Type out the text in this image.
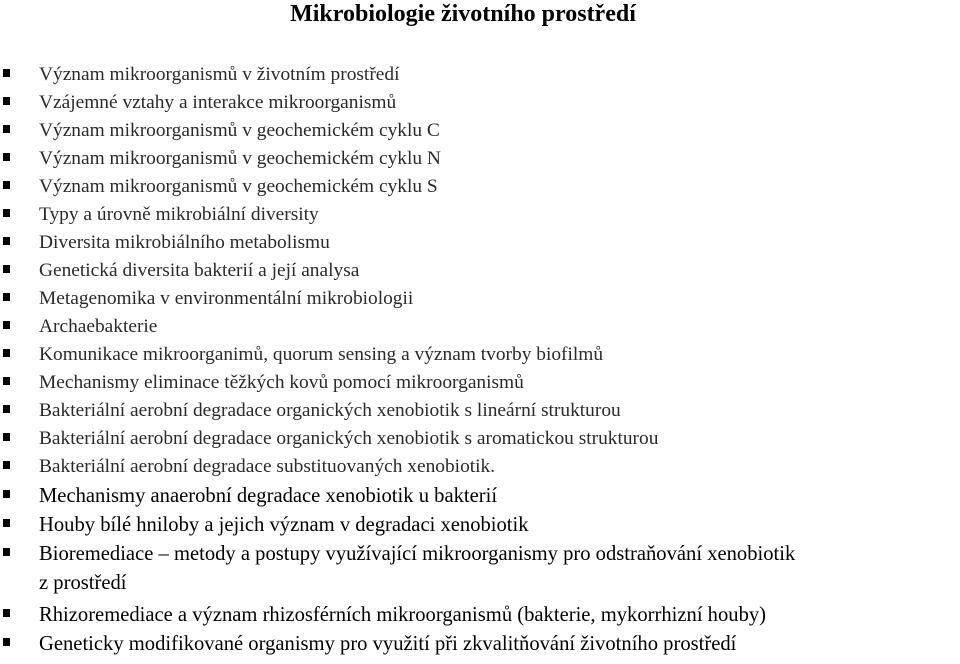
Mikrobiologie životního prostředí
Význam mikroorganismů v životním prostředí
Vzájemné vztahy a interakce mikroorganismů
Význam mikroorganismů v geochemickém cyklu C
Význam mikroorganismů v geochemickém cyklu N
Význam mikroorganismů v geochemickém cyklu S
Typy a úrovně mikrobiální diversity
Diversita mikrobiálního metabolismu
Genetická diversita bakterií a její analysa
Metagenomika v environmentální mikrobiologii
Archaebakterie
Komunikace mikroorganimů, quorum sensing a význam tvorby biofilmů
Mechanismy eliminace těžkých kovů pomocí mikroorganismů
Bakteriální aerobní degradace organických xenobiotik s lineární strukturou
Bakteriální aerobní degradace organických xenobiotik s aromatickou strukturou
Bakteriální aerobní degradace substituovaných xenobiotik.
Mechanismy anaerobní degradace xenobiotik u bakterií
Houby bílé hniloby a jejich význam v degradaci xenobiotik
Bioremediace – metody a postupy využívající mikroorganismy pro odstraňování xenobiotik
z prostředí
Rhizoremediace a význam rhizosférních mikroorganismů (bakterie, mykorrhizní houby)
Geneticky modifikované organismy pro využití při zkvalitňování životního prostředí
